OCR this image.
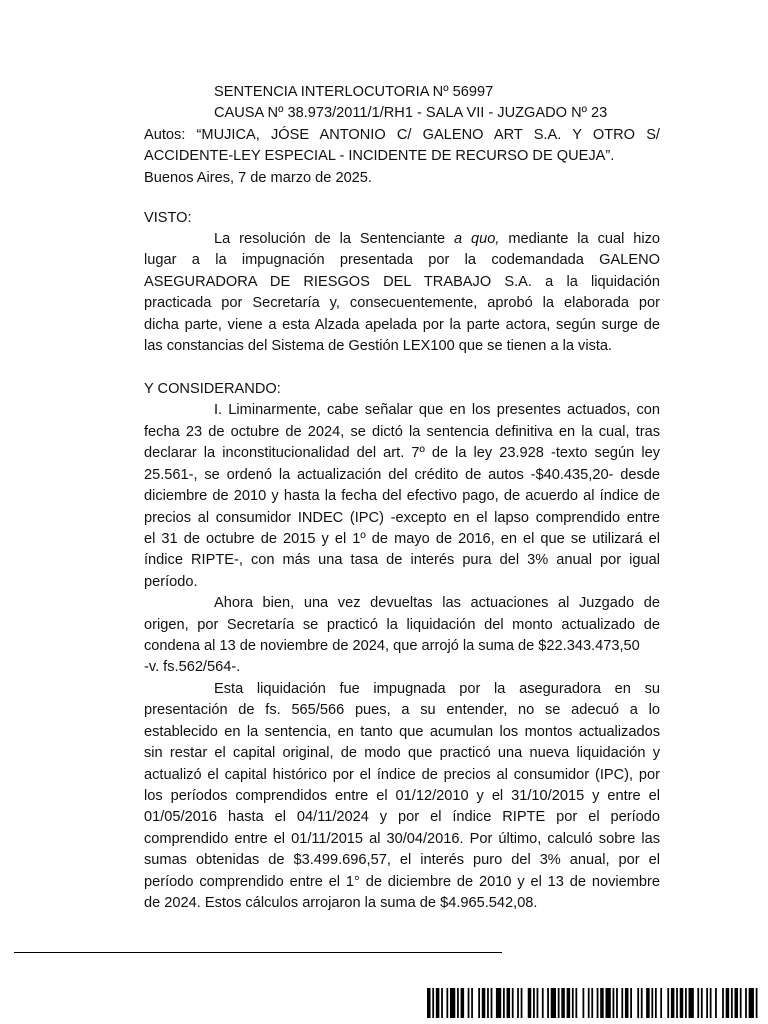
SENTENCIA INTERLOCUTORIA Nº 56997

CAUSA Nº 38.973/2011/1/RH1 - SALA VII - JUZGADO Nº 23

Autos: “MUJICA, JÓSE ANTONIO C/ GALENO ART S.A. Y OTRO S/

ACCIDENTE-LEY ESPECIAL - INCIDENTE DE RECURSO DE QUEJA”.

Buenos Aires, 7 de marzo de 2025.

VISTO:

La resolución de la Sentenciante a quo, mediante la cual hizo

lugar a la impugnación presentada por la codemandada GALENO

ASEGURADORA DE RIESGOS DEL TRABAJO S.A. a la liquidación

practicada por Secretaría y, consecuentemente, aprobó la elaborada por

dicha parte, viene a esta Alzada apelada por la parte actora, según surge de

las constancias del Sistema de Gestión LEX100 que se tienen a la vista.

Y CONSIDERANDO:

I. Liminarmente, cabe señalar que en los presentes actuados, con

fecha 23 de octubre de 2024, se dictó la sentencia definitiva en la cual, tras

declarar la inconstitucionalidad del art. 7º de la ley 23.928 -texto según ley

25.561-, se ordenó la actualización del crédito de autos -$40.435,20- desde

diciembre de 2010 y hasta la fecha del efectivo pago, de acuerdo al índice de

precios al consumidor INDEC (IPC) -excepto en el lapso comprendido entre

el 31 de octubre de 2015 y el 1º de mayo de 2016, en el que se utilizará el

índice RIPTE-, con más una tasa de interés pura del 3% anual por igual

período.

Ahora bien, una vez devueltas las actuaciones al Juzgado de

origen, por Secretaría se practicó la liquidación del monto actualizado de

condena al 13 de noviembre de 2024, que arrojó la suma de $22.343.473,50

-v. fs.562/564-.

Esta liquidación fue impugnada por la aseguradora en su

presentación de fs. 565/566 pues, a su entender, no se adecuó a lo

establecido en la sentencia, en tanto que acumulan los montos actualizados

sin restar el capital original, de modo que practicó una nueva liquidación y

actualizó el capital histórico por el índice de precios al consumidor (IPC), por

los períodos comprendidos entre el 01/12/2010 y el 31/10/2015 y entre el

01/05/2016 hasta el 04/11/2024 y por el índice RIPTE por el período

comprendido entre el 01/11/2015 al 30/04/2016. Por último, calculó sobre las

sumas obtenidas de $3.499.696,57, el interés puro del 3% anual, por el

período comprendido entre el 1° de diciembre de 2010 y el 13 de noviembre

de 2024. Estos cálculos arrojaron la suma de $4.965.542,08.
